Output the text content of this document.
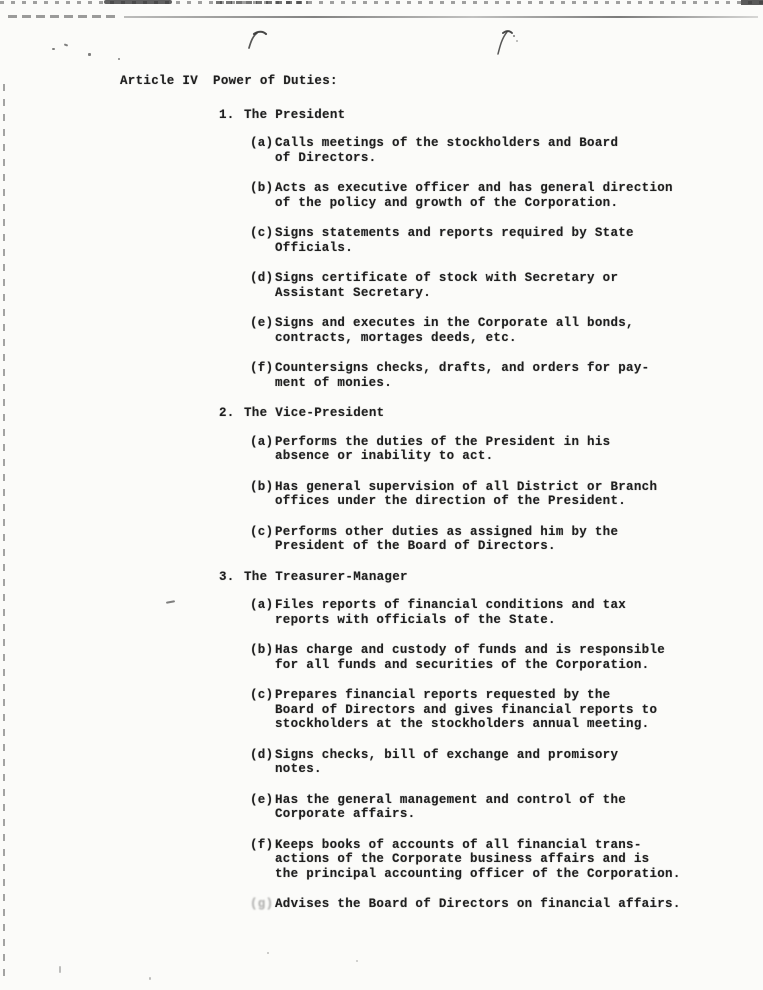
Article IV Power of Duties:
1. The President
(a) Calls meetings of the stockholders and Board
of Directors.
(b) Acts as executive officer and has general direction
of the policy and growth of the Corporation.
(c) Signs statements and reports required by State
Officials.
(d) Signs certificate of stock with Secretary or
Assistant Secretary.
(e) Signs and executes in the Corporate all bonds,
contracts, mortages deeds, etc.
(f) Countersigns checks, drafts, and orders for pay-
ment of monies.
2. The Vice-President
(a) Performs the duties of the President in his
absence or inability to act.
(b) Has general supervision of all District or Branch
offices under the direction of the President.
(c) Performs other duties as assigned him by the
President of the Board of Directors.
3. The Treasurer-Manager
(a) Files reports of financial conditions and tax
reports with officials of the State.
(b) Has charge and custody of funds and is responsible
for all funds and securities of the Corporation.
(c) Prepares financial reports requested by the
Board of Directors and gives financial reports to
stockholders at the stockholders annual meeting.
(d) Signs checks, bill of exchange and promisory
notes.
(e) Has the general management and control of the
Corporate affairs.
(f) Keeps books of accounts of all financial trans-
actions of the Corporate business affairs and is
the principal accounting officer of the Corporation.
(g) Advises the Board of Directors on financial affairs.
